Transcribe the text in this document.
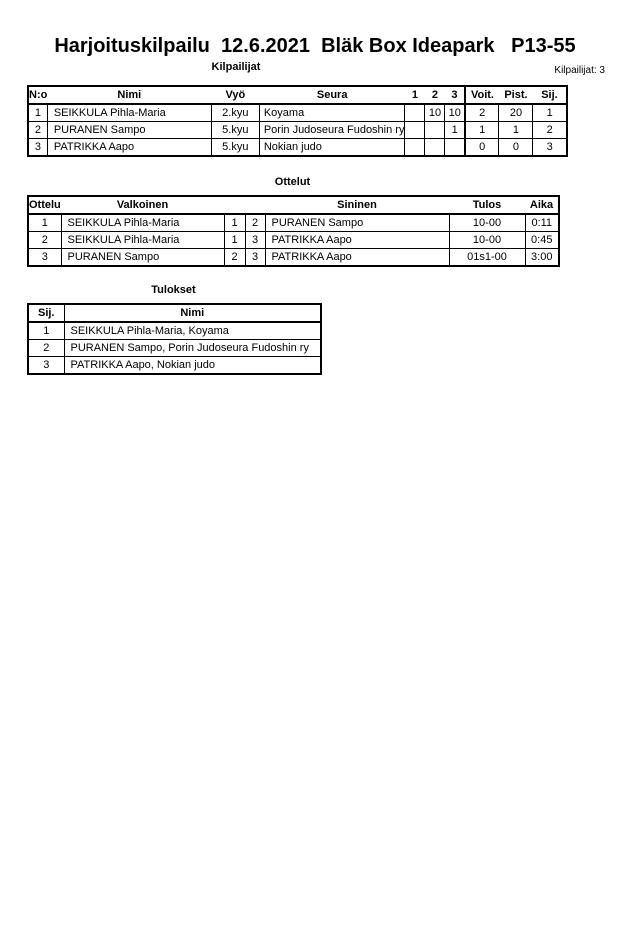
Harjoituskilpailu  12.6.2021  Bläk Box Ideapark   P13-55
Kilpailijat	Kilpailijat: 3
N:o	Nimi	Vyö	Seura	1	2	3	Voit.	Pist.	Sij.
1	SEIKKULA Pihla-Maria	2.kyu	Koyama		10	10	2	20	1
2	PURANEN Sampo	5.kyu	Porin Judoseura Fudoshin ry			1	1	1	2
3	PATRIKKA Aapo	5.kyu	Nokian judo				0	0	3
Ottelut
Ottelu	Valkoinen			Sininen	Tulos	Aika
1	SEIKKULA Pihla-Maria	1	2	PURANEN Sampo	10-00	0:11
2	SEIKKULA Pihla-Maria	1	3	PATRIKKA Aapo	10-00	0:45
3	PURANEN Sampo	2	3	PATRIKKA Aapo	01s1-00	3:00
Tulokset
Sij.	Nimi
1	SEIKKULA Pihla-Maria, Koyama
2	PURANEN Sampo, Porin Judoseura Fudoshin ry
3	PATRIKKA Aapo, Nokian judo
